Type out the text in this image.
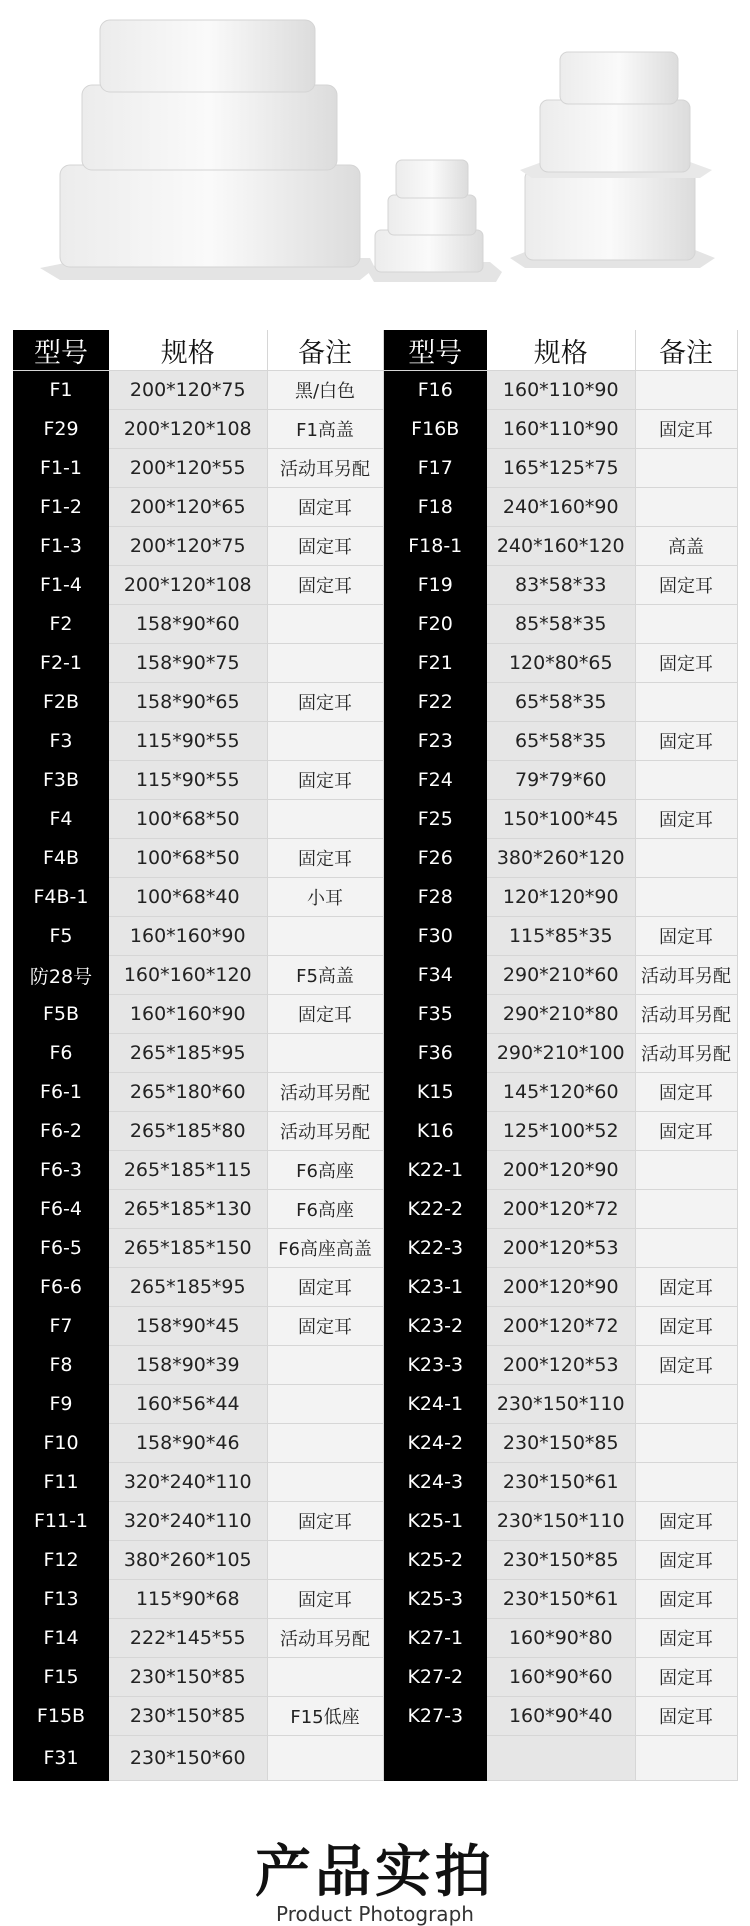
型号	规格	备注	型号	规格	备注
F1	200*120*75	黑/白色	F16	160*110*90	
F29	200*120*108	F1高盖	F16B	160*110*90	固定耳
F1-1	200*120*55	活动耳另配	F17	165*125*75	
F1-2	200*120*65	固定耳	F18	240*160*90	
F1-3	200*120*75	固定耳	F18-1	240*160*120	高盖
F1-4	200*120*108	固定耳	F19	83*58*33	固定耳
F2	158*90*60		F20	85*58*35	
F2-1	158*90*75		F21	120*80*65	固定耳
F2B	158*90*65	固定耳	F22	65*58*35	
F3	115*90*55		F23	65*58*35	固定耳
F3B	115*90*55	固定耳	F24	79*79*60	
F4	100*68*50		F25	150*100*45	固定耳
F4B	100*68*50	固定耳	F26	380*260*120	
F4B-1	100*68*40	小耳	F28	120*120*90	
F5	160*160*90		F30	115*85*35	固定耳
防28号	160*160*120	F5高盖	F34	290*210*60	活动耳另配
F5B	160*160*90	固定耳	F35	290*210*80	活动耳另配
F6	265*185*95		F36	290*210*100	活动耳另配
F6-1	265*180*60	活动耳另配	K15	145*120*60	固定耳
F6-2	265*185*80	活动耳另配	K16	125*100*52	固定耳
F6-3	265*185*115	F6高座	K22-1	200*120*90	
F6-4	265*185*130	F6高座	K22-2	200*120*72	
F6-5	265*185*150	F6高座高盖	K22-3	200*120*53	
F6-6	265*185*95	固定耳	K23-1	200*120*90	固定耳
F7	158*90*45	固定耳	K23-2	200*120*72	固定耳
F8	158*90*39		K23-3	200*120*53	固定耳
F9	160*56*44		K24-1	230*150*110	
F10	158*90*46		K24-2	230*150*85	
F11	320*240*110		K24-3	230*150*61	
F11-1	320*240*110	固定耳	K25-1	230*150*110	固定耳
F12	380*260*105		K25-2	230*150*85	固定耳
F13	115*90*68	固定耳	K25-3	230*150*61	固定耳
F14	222*145*55	活动耳另配	K27-1	160*90*80	固定耳
F15	230*150*85		K27-2	160*90*60	固定耳
F15B	230*150*85	F15低座	K27-3	160*90*40	固定耳
F31	230*150*60				
产品实拍
Product Photograph
